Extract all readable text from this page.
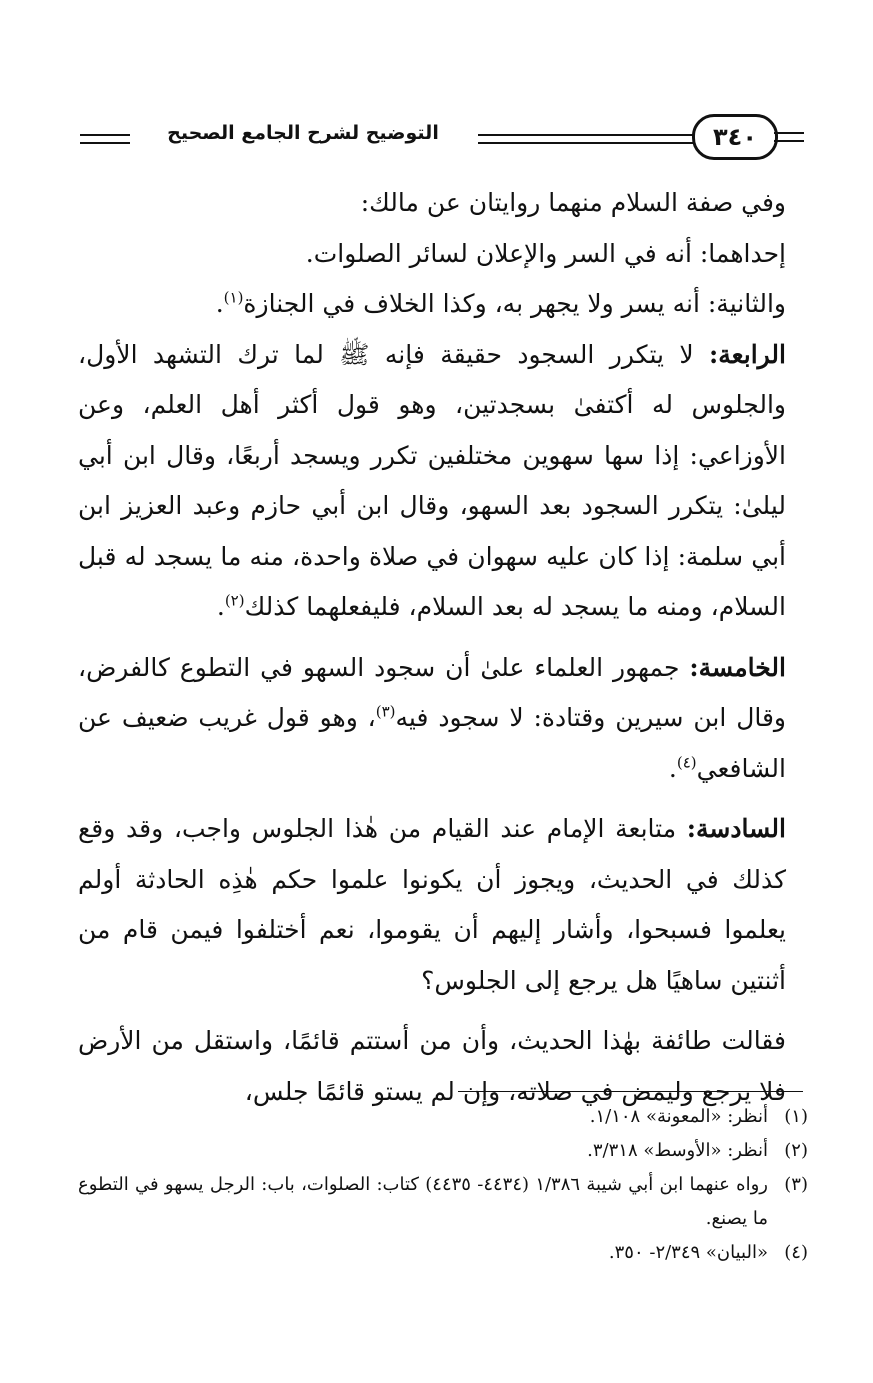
التوضيح لشرح الجامع الصحيح	٣٤٠

وفي صفة السلام منهما روايتان عن مالك:

إحداهما: أنه في السر والإعلان لسائر الصلوات.

والثانية: أنه يسر ولا يجهر به، وكذا الخلاف في الجنازة$^{(١)}$.

الرابعة: لا يتكرر السجود حقيقة فإنه ﷺ لما ترك التشهد الأول، والجلوس له أكتفىٰ بسجدتين، وهو قول أكثر أهل العلم، وعن الأوزاعي: إذا سها سهوين مختلفين تكرر ويسجد أربعًا، وقال ابن أبي ليلىٰ: يتكرر السجود بعد السهو، وقال ابن أبي حازم وعبد العزيز ابن أبي سلمة: إذا كان عليه سهوان في صلاة واحدة، منه ما يسجد له قبل السلام، ومنه ما يسجد له بعد السلام، فليفعلهما كذلك$^{(٢)}$.

الخامسة: جمهور العلماء علىٰ أن سجود السهو في التطوع كالفرض، وقال ابن سيرين وقتادة: لا سجود فيه$^{(٣)}$، وهو قول غريب ضعيف عن الشافعي$^{(٤)}$.

السادسة: متابعة الإمام عند القيام من هٰذا الجلوس واجب، وقد وقع كذلك في الحديث، ويجوز أن يكونوا علموا حكم هٰذِه الحادثة أولم يعلموا فسبحوا، وأشار إليهم أن يقوموا، نعم أختلفوا فيمن قام من أثنتين ساهيًا هل يرجع إلى الجلوس؟

فقالت طائفة بهٰذا الحديث، وأن من أستتم قائمًا، واستقل من الأرض فلا يرجع وليمض في صلاته، وإن لم يستو قائمًا جلس،

(١)
أنظر: «المعونة» ١/١٠٨.
(٢)
أنظر: «الأوسط» ٣/٣١٨.
(٣)
رواه عنهما ابن أبي شيبة ١/٣٨٦ (٤٤٣٤- ٤٤٣٥) كتاب: الصلوات، باب: الرجل يسهو في التطوع ما يصنع.
(٤)
«البيان» ٢/٣٤٩- ٣٥٠.
